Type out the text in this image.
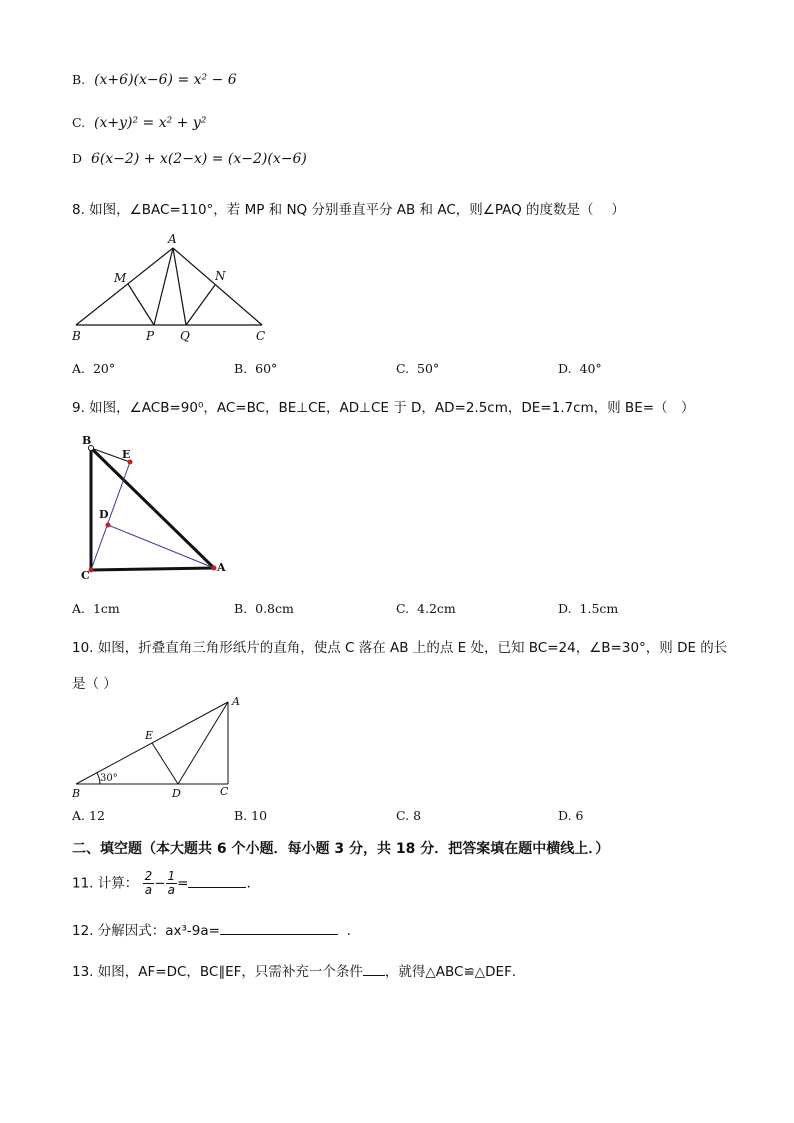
B. (x+6)(x−6) = x² − 6
C. (x+y)² = x² + y²
D 6(x−2) + x(2−x) = (x−2)(x−6)
8. 如图，∠BAC=110°，若 MP 和 NQ 分别垂直平分 AB 和 AC，则∠PAQ 的度数是（　 ）
A
M	N
B	P Q	C
A. 20°	B. 60°	C. 50°	D. 40°
9. 如图，∠ACB=90⁰，AC=BC，BE⊥CE，AD⊥CE 于 D，AD=2.5cm，DE=1.7cm，则 BE=（　）
B
E
D
C
A
A. 1cm	B. 0.8cm	C. 4.2cm	D. 1.5cm
10. 如图，折叠直角三角形纸片的直角，使点 C 落在 AB 上的点 E 处，已知 BC=24，∠B=30°，则 DE 的长
是（ ）
A
E
B	D	C
30°
A. 12	B. 10	C. 8	D. 6
二、填空题（本大题共 6 个小题．每小题 3 分，共 18 分．把答案填在题中横线上．）
11. 计算： $\frac{2}{a} - \frac{1}{a}$ =	.
12. 分解因式：ax³-9a=	.
13. 如图，AF=DC，BC∥EF，只需补充一个条件 ，就得△ABC≌△DEF．
